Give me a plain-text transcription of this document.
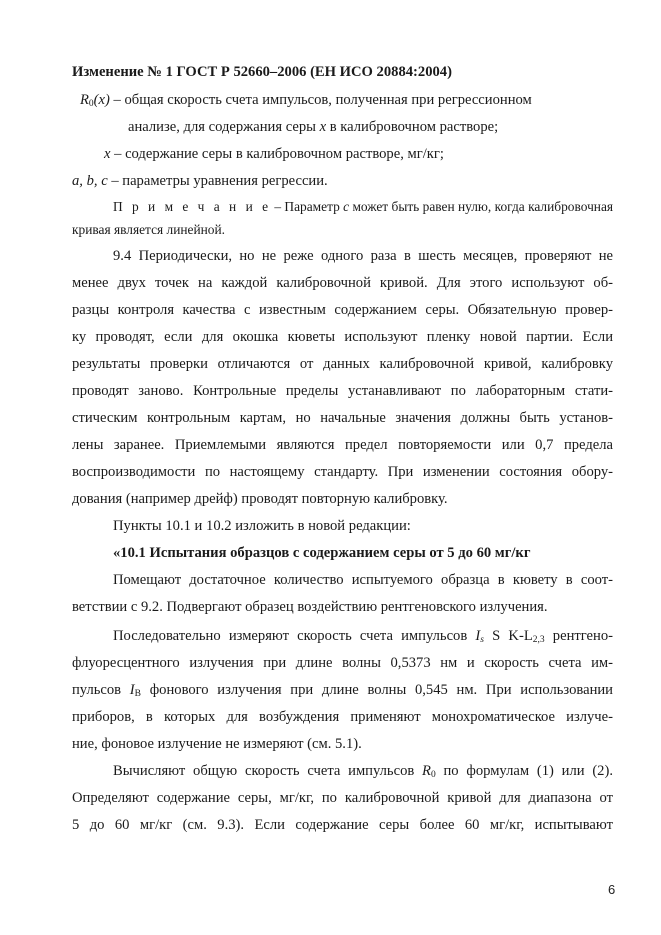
Изменение № 1 ГОСТ Р 52660–2006 (ЕН ИСО 20884:2004)
$R_0(x)$ – общая скорость счета импульсов, полученная при регрессионном
анализе, для содержания серы x в калибровочном растворе;
x – содержание серы в калибровочном растворе, мг/кг;
a, b, c – параметры уравнения регрессии.
П р и м е ч а н и е – Параметр c может быть равен нулю, когда калибровочная
кривая является линейной.
9.4 Периодически, но не реже одного раза в шесть месяцев, проверяют не
менее двух точек на каждой калибровочной кривой. Для этого используют об-
разцы контроля качества с известным содержанием серы. Обязательную провер-
ку проводят, если для окошка кюветы используют пленку новой партии. Если
результаты проверки отличаются от данных калибровочной кривой, калибровку
проводят заново. Контрольные пределы устанавливают по лабораторным стати-
стическим контрольным картам, но начальные значения должны быть установ-
лены заранее. Приемлемыми являются предел повторяемости или 0,7 предела
воспроизводимости по настоящему стандарту. При изменении состояния обору-
дования (например дрейф) проводят повторную калибровку.
Пункты 10.1 и 10.2 изложить в новой редакции:
«10.1 Испытания образцов с содержанием серы от 5 до 60 мг/кг
Помещают достаточное количество испытуемого образца в кювету в соот-
ветствии с 9.2. Подвергают образец воздействию рентгеновского излучения.
Последовательно измеряют скорость счета импульсов $I_s$ S $K-L_{2,3}$ рентгено-
флуоресцентного излучения при длине волны 0,5373 нм и скорость счета им-
пульсов $I_B$ фонового излучения при длине волны 0,545 нм. При использовании
приборов, в которых для возбуждения применяют монохроматическое излуче-
ние, фоновое излучение не измеряют (см. 5.1).
Вычисляют общую скорость счета импульсов $R_0$ по формулам (1) или (2).
Определяют содержание серы, мг/кг, по калибровочной кривой для диапазона от
5 до 60 мг/кг (см. 9.3). Если содержание серы более 60 мг/кг, испытывают
6
